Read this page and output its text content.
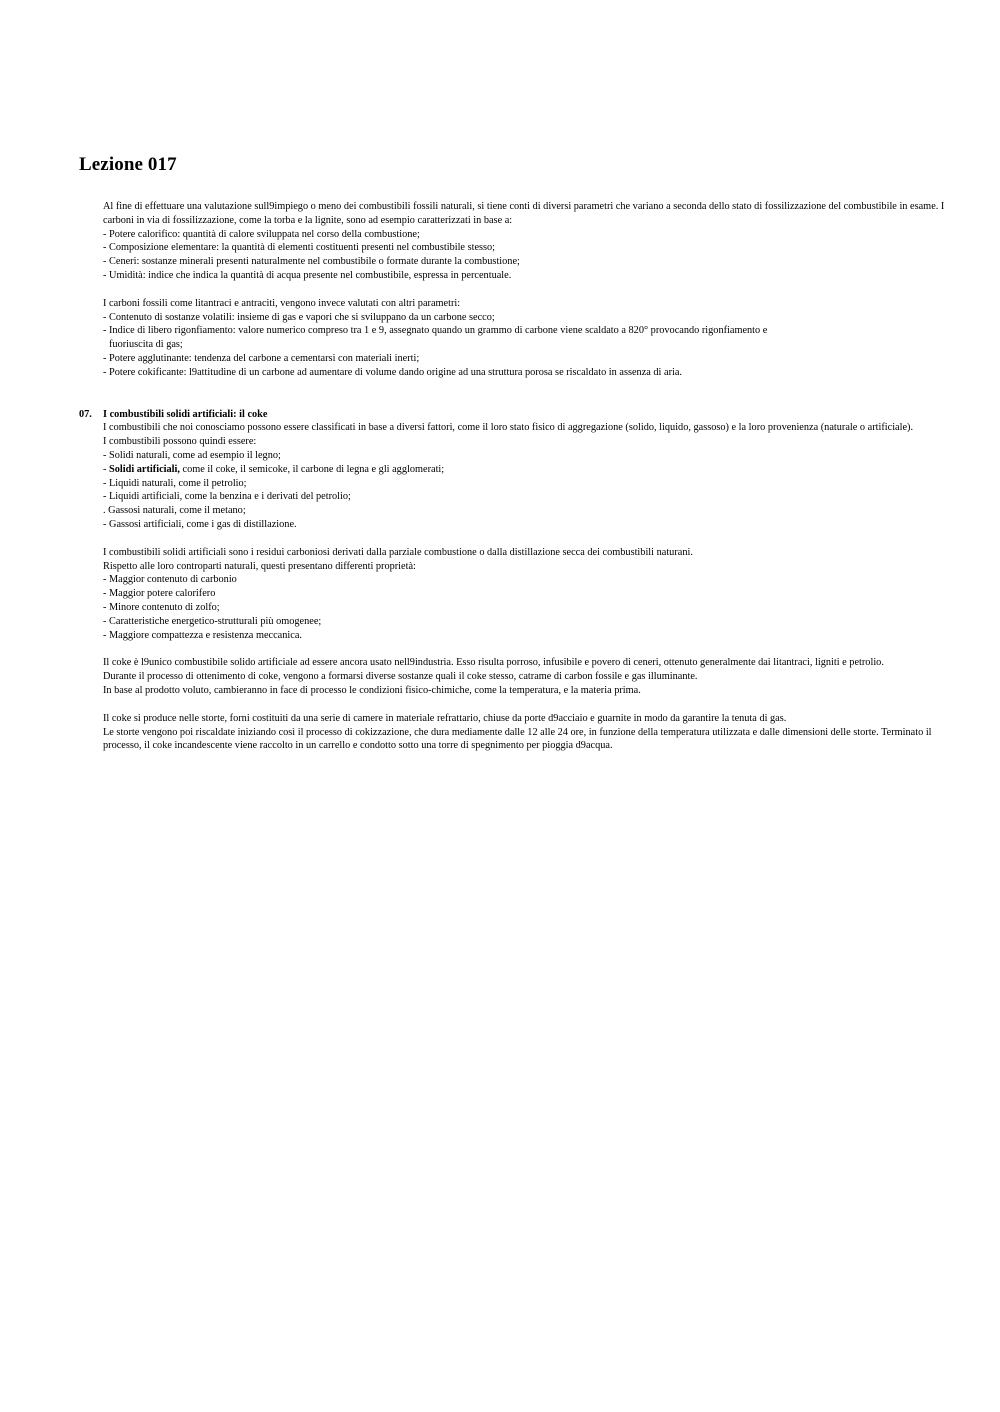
Lezione 017

Al fine di effettuare una valutazione sull9impiego o meno dei combustibili fossili naturali, si tiene conti di diversi parametri che variano a seconda dello stato di fossilizzazione del combustibile in esame. I carboni in via di fossilizzazione, come la torba e la lignite, sono ad esempio caratterizzati in base a:

- Potere calorifico: quantità di calore sviluppata nel corso della combustione;
- Composizione elementare: la quantità di elementi costituenti presenti nel combustibile stesso;
- Ceneri: sostanze minerali presenti naturalmente nel combustibile o formate durante la combustione;
- Umidità: indice che indica la quantità di acqua presente nel combustibile, espressa in percentuale.
I carboni fossili come litantraci e antraciti, vengono invece valutati con altri parametri:
- Contenuto di sostanze volatili: insieme di gas e vapori che si sviluppano da un carbone secco;
- Indice di libero rigonfiamento: valore numerico compreso tra 1 e 9, assegnato quando un grammo di carbone viene scaldato a 820° provocando rigonfiamento e
fuoriuscita di gas;
- Potere agglutinante: tendenza del carbone a cementarsi con materiali inerti;
- Potere cokificante: l9attitudine di un carbone ad aumentare di volume dando origine ad una struttura porosa se riscaldato in assenza di aria.
07. I combustibili solidi artificiali: il coke

I combustibili che noi conosciamo possono essere classificati in base a diversi fattori, come il loro stato fisico di aggregazione (solido, liquido, gassoso) e la loro provenienza (naturale o artificiale).

I combustibili possono quindi essere:
- Solidi naturali, come ad esempio il legno;
- Solidi artificiali, come il coke, il semicoke, il carbone di legna e gli agglomerati;
- Liquidi naturali, come il petrolio;
- Liquidi artificiali, come la benzina e i derivati del petrolio;
. Gassosi naturali, come il metano;
- Gassosi artificiali, come i gas di distillazione.
I combustibili solidi artificiali sono i residui carboniosi derivati dalla parziale combustione o dalla distillazione secca dei combustibili naturani.
Rispetto alle loro controparti naturali, questi presentano differenti proprietà:
- Maggior contenuto di carbonio
- Maggior potere calorifero
- Minore contenuto di zolfo;
- Caratteristiche energetico-strutturali più omogenee;
- Maggiore compattezza e resistenza meccanica.

Il coke è l9unico combustibile solido artificiale ad essere ancora usato nell9industria. Esso risulta porroso, infusibile e povero di ceneri, ottenuto generalmente dai litantraci, ligniti e petrolio.

Durante il processo di ottenimento di coke, vengono a formarsi diverse sostanze quali il coke stesso, catrame di carbon fossile e gas illuminante.
In base al prodotto voluto, cambieranno in face di processo le condizioni fisico-chimiche, come la temperatura, e la materia prima.
Il coke si produce nelle storte, forni costituiti da una serie di camere in materiale refrattario, chiuse da porte d9acciaio e guarnite in modo da garantire la tenuta di gas.

Le storte vengono poi riscaldate iniziando così il processo di cokizzazione, che dura mediamente dalle 12 alle 24 ore, in funzione della temperatura utilizzata e dalle dimensioni delle storte. Terminato il processo, il coke incandescente viene raccolto in un carrello e condotto sotto una torre di spegnimento per pioggia d9acqua.
